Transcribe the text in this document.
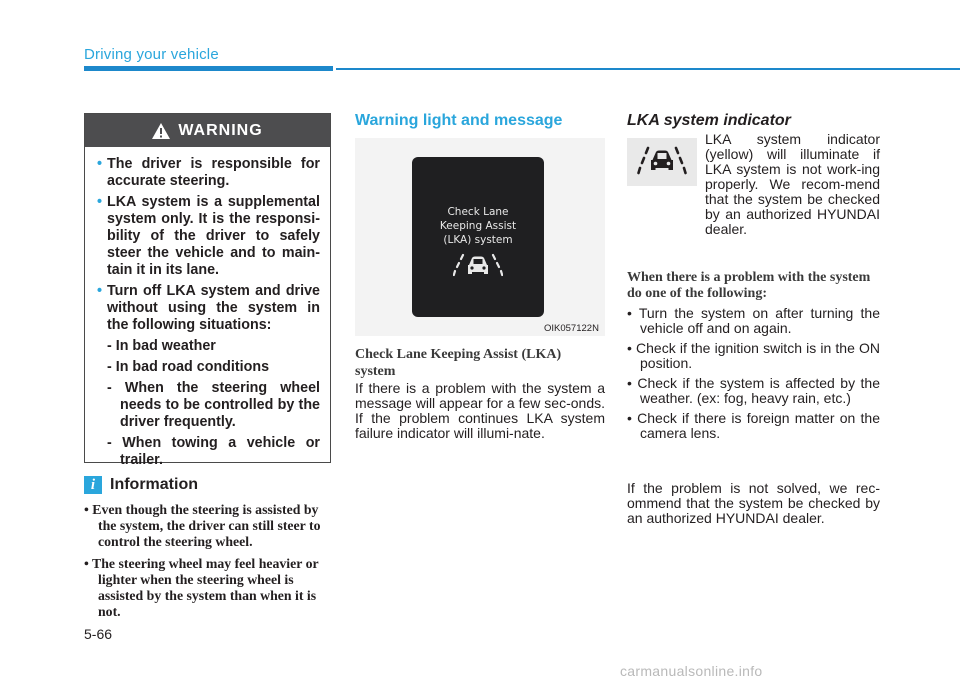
Driving your vehicle
WARNING
• The driver is responsible for accurate steering.
• LKA system is a supplemental system only. It is the responsi-bility of the driver to safely steer the vehicle and to main-tain it in its lane.
• Turn off LKA system and drive without using the system in the following situations:
- In bad weather
- In bad road conditions
- When the steering wheel needs to be controlled by the driver frequently.
- When towing a vehicle or trailer.
i Information
• Even though the steering is assisted by the system, the driver can still steer to control the steering wheel.
• The steering wheel may feel heavier or lighter when the steering wheel is assisted by the system than when it is not.
Warning light and message
Check Lane
Keeping Assist
(LKA) system
OIK057122N
Check Lane Keeping Assist (LKA) system
If there is a problem with the system a message will appear for a few sec-onds. If the problem continues LKA system failure indicator will illumi-nate.
LKA system indicator
LKA system indicator (yellow) will illuminate if LKA system is not work-ing properly. We recom-mend that the system be checked by an authorized HYUNDAI dealer.
When there is a problem with the system do one of the following:
• Turn the system on after turning the vehicle off and on again.
• Check if the ignition switch is in the ON position.
• Check if the system is affected by the weather. (ex: fog, heavy rain, etc.)
• Check if there is foreign matter on the camera lens.
If the problem is not solved, we rec-ommend that the system be checked by an authorized HYUNDAI dealer.
5-66
carmanualsonline.info
